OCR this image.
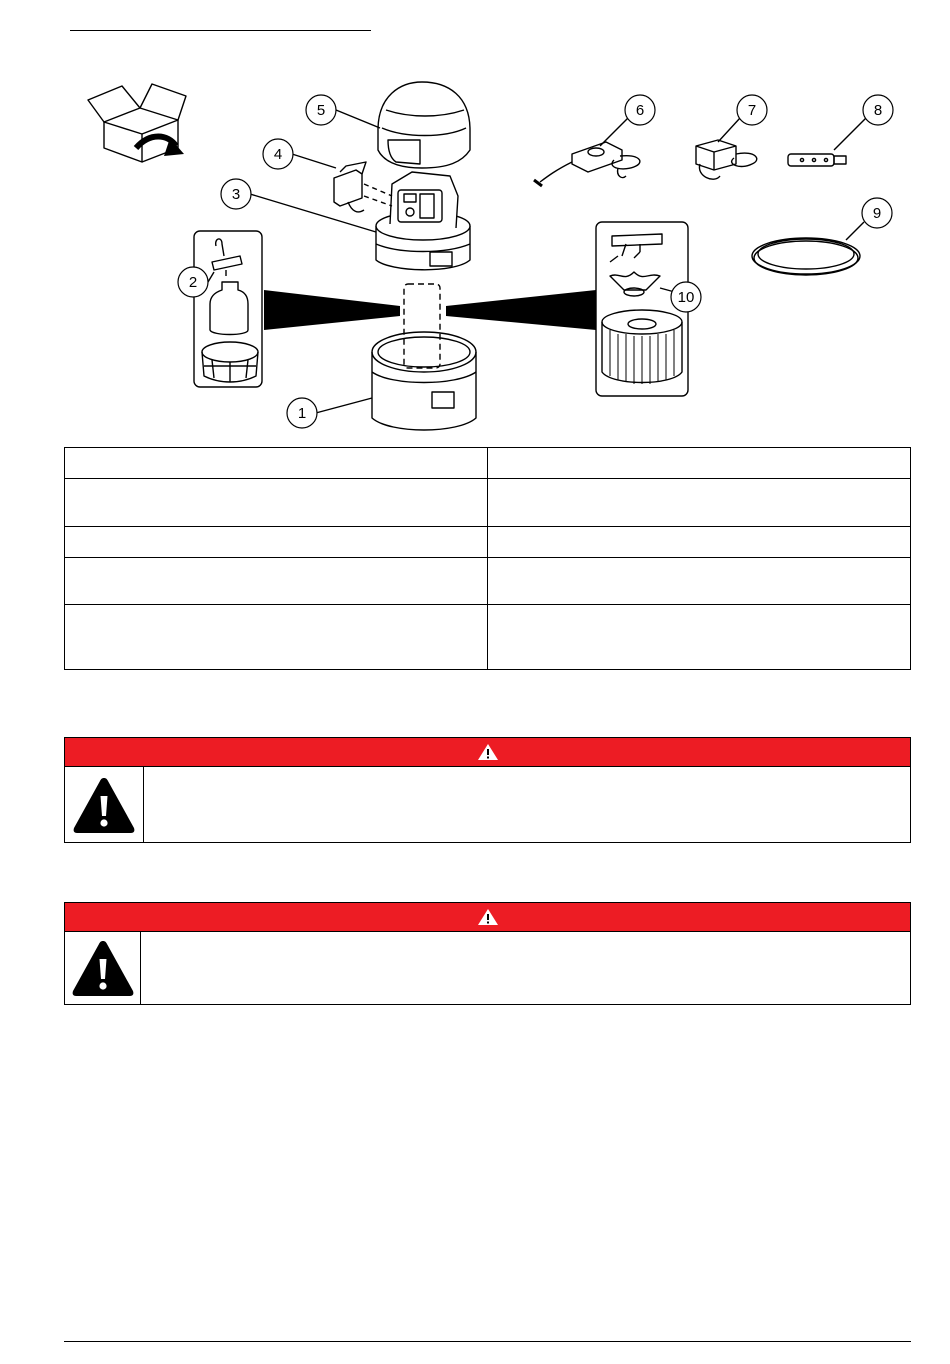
1
2
3
4
5	6	7	8
9
10
